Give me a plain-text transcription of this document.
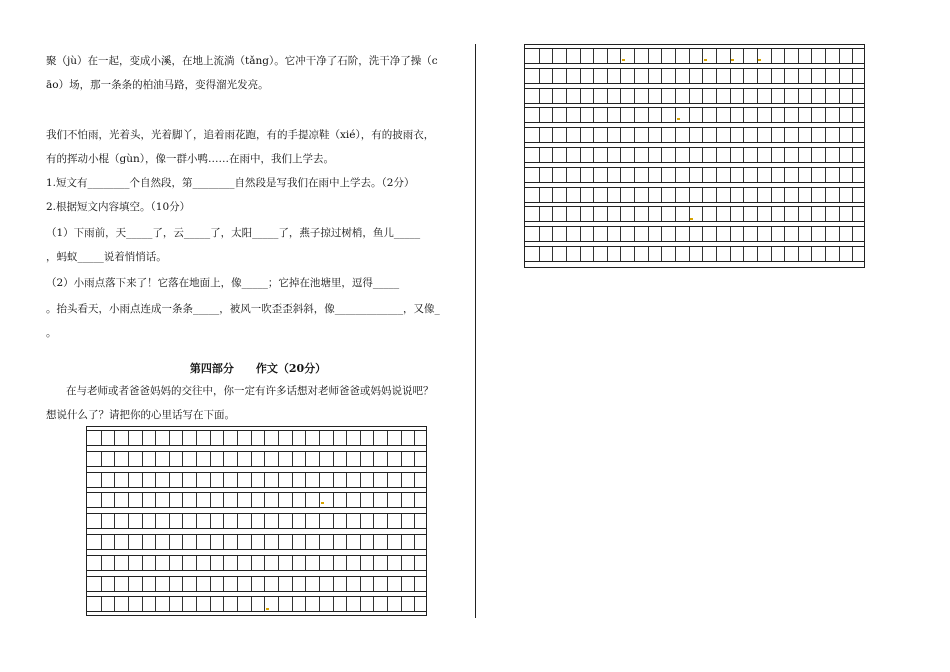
聚（jù）在一起，变成小溪，在地上流淌（tǎng）。它冲干净了石阶，洗干净了操（c
āo）场，那一条条的柏油马路，变得溜光发亮。
我们不怕雨，光着头，光着脚丫，追着雨花跑，有的手提凉鞋（xié），有的披雨衣，
有的挥动小棍（gùn），像一群小鸭……在雨中，我们上学去。
1.短文有________个自然段，第________自然段是写我们在雨中上学去。（2分）
2.根据短文内容填空。（10分）
（1）下雨前，天_____了，云_____了，太阳_____了，燕子掠过树梢，鱼儿_____
，蚂蚁_____说着悄悄话。
（2）小雨点落下来了！它落在地面上，像_____；它掉在池塘里，逗得_____
。抬头看天，小雨点连成一条条_____，被风一吹歪歪斜斜，像_____________，又像_
。
第四部分　　作文（20分）
在与老师或者爸爸妈妈的交往中，你一定有许多话想对老师爸爸或妈妈说说吧？
想说什么了？请把你的心里话写在下面。
